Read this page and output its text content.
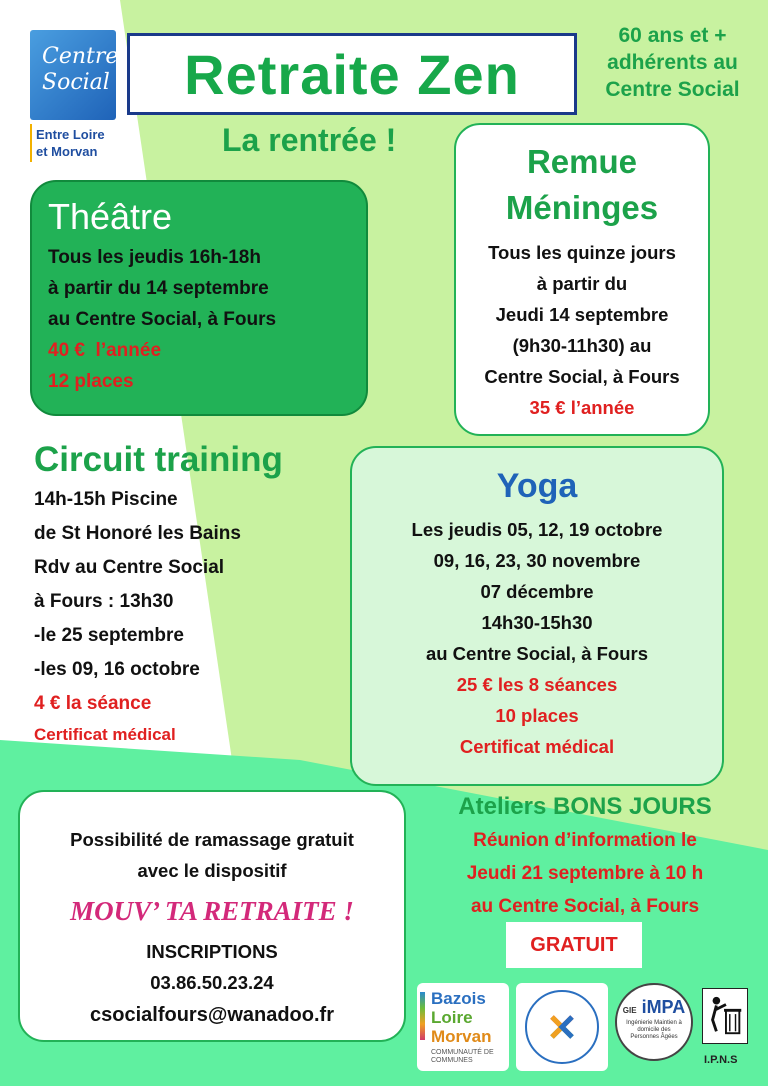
Centre
Social
Entre Loire
et Morvan
Retraite Zen
60 ans et +
adhérents au
Centre Social
La rentrée !
Théâtre
Tous les jeudis 16h-18h
à partir du 14 septembre
au Centre Social, à Fours
40 €  l’année
12 places
Remue
Méninges
Tous les quinze jours
à partir du
Jeudi 14 septembre
(9h30-11h30) au
Centre Social, à Fours
35 € l’année
Circuit training
14h-15h Piscine
de St Honoré les Bains
Rdv au Centre Social
à Fours : 13h30
-le 25 septembre
-les 09, 16 octobre
4 € la séance
Certificat médical
Yoga
Les jeudis 05, 12, 19 octobre
09, 16, 23, 30 novembre
07 décembre
14h30-15h30
au Centre Social, à Fours
25 € les 8 séances
10 places
Certificat médical
Possibilité de ramassage gratuit
avec le dispositif
MOUV’ TA RETRAITE !
INSCRIPTIONS
03.86.50.23.24
csocialfours@wanadoo.fr
Ateliers BONS JOURS
Réunion d’information le
Jeudi 21 septembre à 10 h
au Centre Social, à Fours
GRATUIT
Bazois
Loire
Morvan
COMMUNAUTÉ DE COMMUNES
GIE iMPA
Ingénierie Maintien à domicile des Personnes Âgées
I.P.N.S
